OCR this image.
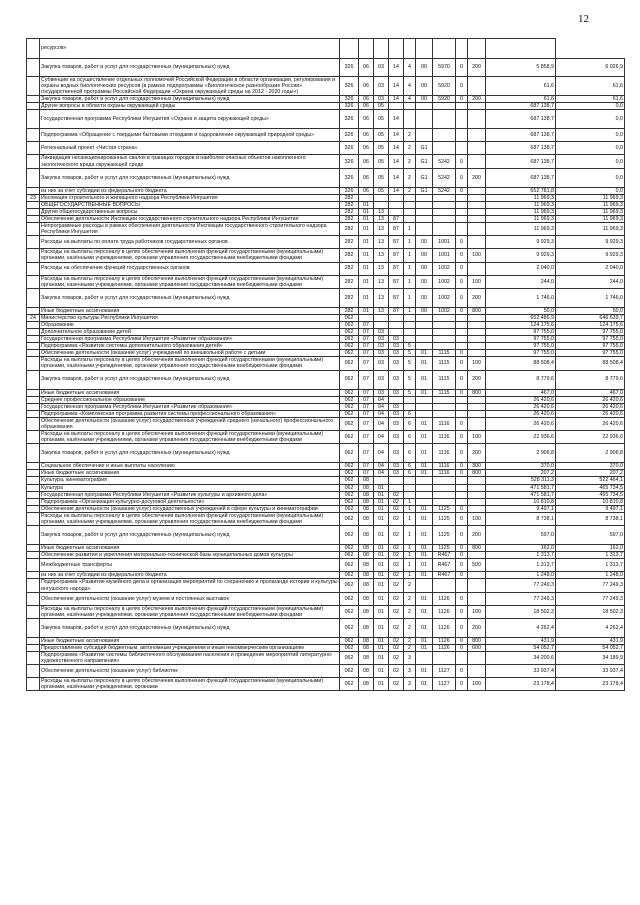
12
	ресурсов»											
	Закупка товаров, работ и услуг для государственных (муниципальных) нужд	326	06	03	14	4	00	5970	0	200	5 858,9	6 026,9
	Субвенции на осуществление отдельных полномочий Российской Федерации в области организации, регулирования и охраны водных биологических ресурсов (в рамках подпрограммы «Биологическое разнообразие России» государственной программы Российской Федерации «Охрана окружающей среды на 2012 - 2020 годы»)	326	06	03	14	4	00	5920	0		61,6	61,6
	Закупка товаров, работ и услуг для государственных (муниципальных) нужд	326	06	03	14	4	00	5920	0	200	61,6	61,6
	Другие вопросы в области охраны окружающей среды	326	06	05							687 138,7	0,0
	Государственная программа Республики Ингушетия «Охрана и защита окружающей среды»	326	06	05	14						687 138,7	0,0
	Подпрограмма «Обращение с твердыми бытовыми отходами и оздоровление окружающей природной среды»	326	06	05	14	2					687 138,7	0,0
	Региональный проект «Чистая страна»	326	06	05	14	2	G1				687 138,7	0,0
	Ликвидация несанкционированных свалок в границах городов и наиболее опасных объектов накопленного экологического вреда окружающей среде	326	06	05	14	2	G1	5242	0		687 138,7	0,0
	Закупка товаров, работ и услуг для государственных (муниципальных) нужд	326	06	05	14	2	G1	5242	0	200	687 138,7	0,0
	из них за счет субсидии из федерального бюджета	326	06	05	14	2	G1	5242	0		652 781,8	0,0
23	Инспекция строительного и жилищного надзора Республики Ингушетия	282									11 969,3	11 969,3
	ОБЩЕГОСУДАРСТВЕННЫЕ ВОПРОСЫ	282	01								11 969,3	11 969,3
	Другие общегосударственные вопросы	282	01	13							11 969,3	11 969,3
	Обеспечение деятельности Инспекции государственного строительного надзора Республики Ингушетия	282	01	13	87						11 969,3	11 969,3
	Непрограммные расходы в рамках обеспечения деятельности Инспекции государственного строительного надзора Республики Ингушетия	282	01	13	87	1					11 969,3	11 969,3
	Расходы на выплаты по оплате труда работников государственных органов	282	01	13	87	1	00	1001	0		9 929,3	9 929,3
	Расходы на выплаты персоналу в целях обеспечения выполнения функций государственными (муниципальными) органами, казёнными учреждениями, органами управления государственными внебюджетными фондами	282	01	13	87	1	00	1001	0	100	9 929,3	9 929,3
	Расходы на обеспечение функций государственных органов	282	01	13	87	1	00	1002	0		2 040,0	2 040,0
	Расходы на выплаты персоналу в целях обеспечения выполнения функций государственными (муниципальными) органами, казенными учреждениями, органами управления государственными внебюджетными фондами	282	01	13	87	1	00	1002	0	100	244,0	244,0
	Закупка товаров, работ и услуг для государственных (муниципальных) нужд	282	01	13	87	1	00	1002	0	200	1 746,0	1 746,0
	Иные бюджетные ассигнования	282	01	13	87	1	00	1002	0	800	50,0	50,0
24	Министерство культуры Республики Ингушетия	062									652 486,9	646 639,7
	Образование	062	07								124 175,6	124 175,6
	Дополнительное образование детей	062	07	03							97 755,0	97 755,0
	Государственная программа Республики Ингушетия «Развитие образования»	062	07	03	03						97 755,0	97 755,0
	Подпрограмма «Развитие системы дополнительного образования детей»	062	07	03	03	5					97 755,0	97 755,0
	Обеспечение деятельности (оказание услуг) учреждений по внешкольной работе с детьми	062	07	03	03	5	01	1115	0		97 755,0	97 755,0
	Расходы на выплаты персоналу в целях обеспечения выполнения функций государственными (муниципальными) органами, казёнными учреждениями, органами управления государственными внебюджетными фондами	062	07	03	03	5	01	1115	0	100	88 508,4	88 508,4
	Закупка товаров, работ и услуг для государственных (муниципальных) нужд	062	07	03	03	5	01	1115	0	200	8 779,6	8 779,6
	Иные бюджетные ассигнования	062	07	03	03	5	01	1115	0	800	467,0	467,0
	Среднее профессиональное образование	062	07	04							26 420,6	26 420,6
	Государственная программа Республики Ингушетия «Развитие образования»	062	07	04	03						26 420,6	26 420,6
	Подпрограмма «Комплексная программа развития системы профессионального образования»	062	07	04	03	6					26 420,6	26 420,6
	Обеспечение деятельности (оказание услуг) государственных учреждений среднего (начального) профессионального образования	062	07	04	03	6	01	1116	0		26 420,6	26 420,6
	Расходы на выплаты персоналу в целях обеспечения выполнения функций государственными (муниципальными) органами, казёнными учреждениями, органами управления государственными внебюджетными фондами	062	07	04	03	6	01	1116	0	100	22 936,6	22 936,6
	Закупка товаров, работ и услуг для государственных (муниципальных) нужд	062	07	04	03	6	01	1116	0	200	2 906,8	2 906,8
	Социальное обеспечение и иные выплаты населению	062	07	04	03	6	01	1116	0	300	370,0	370,0
	Иные бюджетные ассигнования	062	07	04	03	6	01	1116	0	800	207,2	207,2
	Культура, кинематография	062	08								528 311,3	522 464,1
	Культура	062	08	01							471 581,7	465 734,5
	Государственная программа Республики Ингушетия «Развитие культуры и архивного дела»	062	08	01	02						471 581,7	465 734,5
	Подпрограмма «Организация культурно-досуговой деятельности»	062	08	01	02	1					10 810,8	10 810,8
	Обеспечение деятельности (оказание услуг) государственных учреждений в сфере культуры и кинематографии	062	08	01	02	1	01	1125	0		9 497,1	9 497,1
	Расходы на выплаты персоналу в целях обеспечения выполнения функций государственными (муниципальными) органами, казёнными учреждениями, органами управления государственными внебюджетными фондами	062	08	01	02	1	01	1125	0	100	8 738,1	8 738,1
	Закупка товаров, работ и услуг для государственных (муниципальных) нужд	062	08	01	02	1	01	1125	0	200	597,0	597,0
	Иные бюджетные ассигнования	062	08	01	02	1	01	1125	0	800	162,0	162,0
	Обеспечение развития и укрепления материально-технической базы муниципальных домов культуры	062	08	01	02	1	01	R467	0		1 313,7	1 313,7
	Межбюджетные трансферты	062	08	01	02	1	01	R467	0	500	1 313,7	1 313,7
	из них за счет субсидии из федерального бюджета	062	08	01	02	1	01	R467	0		1 248,0	1 248,0
	Подпрограмма «Развитие музейного дела и организация мероприятий по сохранению и пропаганде истории и культуры ингушского народа»	062	08	01	02	2					77 249,3	77 249,3
	Обеспечение деятельности (оказание услуг) музеев и постоянных выставок	062	08	01	02	2	01	1126	0		77 249,3	77 249,3
	Расходы на выплаты персоналу в целях обеспечения выполнения функций государственными (муниципальными) органами, казёнными учреждениями, органами управления государственными внебюджетными фондами	062	08	01	02	2	01	1126	0	100	18 502,3	18 502,3
	Закупка товаров, работ и услуг для государственных (муниципальных) нужд	062	08	01	02	2	01	1126	0	200	4 262,4	4 262,4
	Иные бюджетные ассигнования	062	08	01	02	2	01	1126	0	800	431,9	431,9
	Предоставление субсидий бюджетным, автономным учреждениям и иным некоммерческим организациям	062	08	01	02	2	01	1126	0	600	54 052,7	54 052,7
	Подпрограмма «Развитие системы библиотечного обслуживания населения и проведение мероприятий литературно-художественного направления»	062	08	01	02	3					34 200,6	34 189,9
	Обеспечение деятельности (оказание услуг) библиотек	062	08	01	02	3	01	1127	0		33 937,4	33 937,4
	Расходы на выплаты персоналу в целях обеспечения выполнения функций государственными (муниципальными) органами, казёнными учреждениями, органами	062	08	01	02	3	01	1127	0	100	23 178,4	23 178,4
